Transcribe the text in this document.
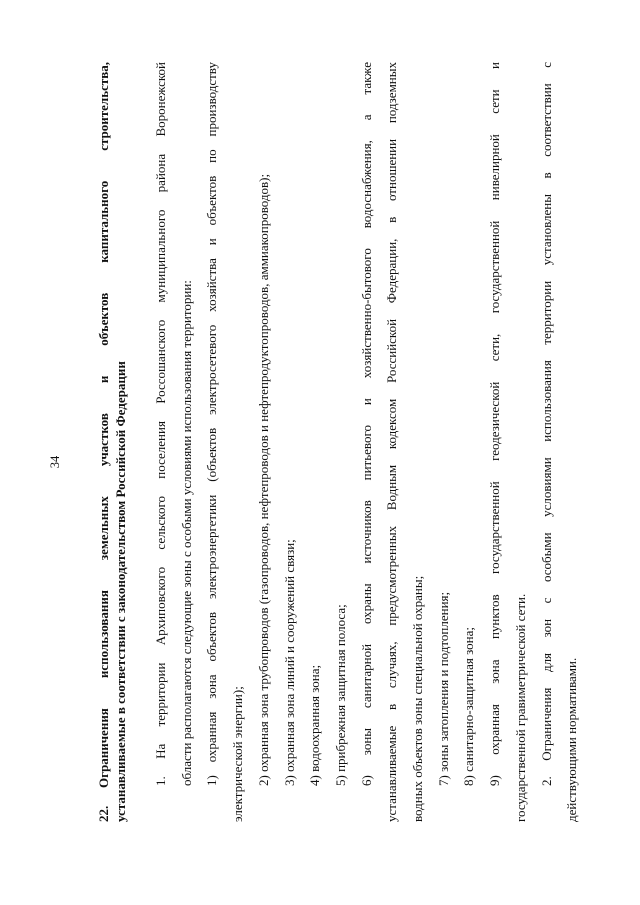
34
22.Ограничения использования земельных участков и объектов капитального строительства, устанавливаемые в соответствии с законодательством Российской Федерации	1. На территории Архиповского сельского поселения Россошанского муниципального района Воронежской области располагаются следующие зоны с особыми условиями использования территории: 1) охранная зона объектов электроэнергетики (объектов электросетевого хозяйства и объектов по производству электрической энергии); 2) охранная зона трубопроводов (газопроводов, нефтепроводов и нефтепродуктопроводов, аммиакопроводов); 3) охранная зона линий и сооружений связи; 4) водоохранная зона; 5) прибрежная защитная полоса; 6) зоны санитарной охраны источников питьевого и хозяйственно-бытового водоснабжения, а также устанавливаемые в случаях, предусмотренных Водным кодексом Российской Федерации, в отношении подземных водных объектов зоны специальной охраны; 7) зоны затопления и подтопления; 8) санитарно-защитная зона; 9) охранная зона пунктов государственной геодезической сети, государственной нивелирной сети и государственной гравиметрической сети. 2. Ограничения для зон с особыми условиями использования территории установлены в соответствии с действующими нормативами.
